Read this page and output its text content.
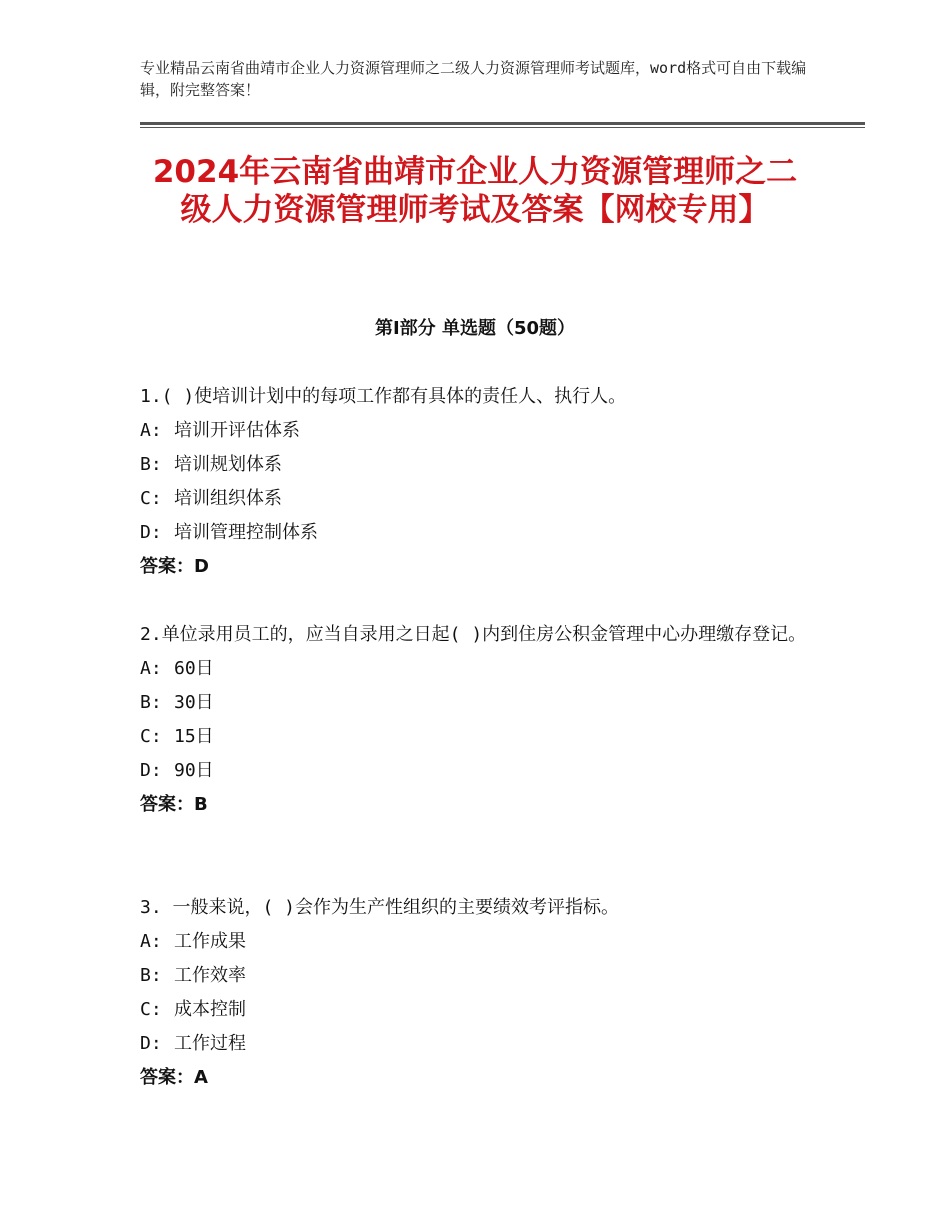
专业精品云南省曲靖市企业人力资源管理师之二级人力资源管理师考试题库，word格式可自由下载编辑，附完整答案！
2024年云南省曲靖市企业人力资源管理师之二级人力资源管理师考试及答案【网校专用】
第Ⅰ部分 单选题（50题）

1.( )使培训计划中的每项工作都有具体的责任人、执行人。

A: 培训开评估体系

B: 培训规划体系

C: 培训组织体系

D: 培训管理控制体系

答案：D

2.单位录用员工的，应当自录用之日起( )内到住房公积金管理中心办理缴存登记。

A: 60日

B: 30日

C: 15日

D: 90日

答案：B

3. 一般来说，( )会作为生产性组织的主要绩效考评指标。

A: 工作成果

B: 工作效率

C: 成本控制

D: 工作过程

答案：A
